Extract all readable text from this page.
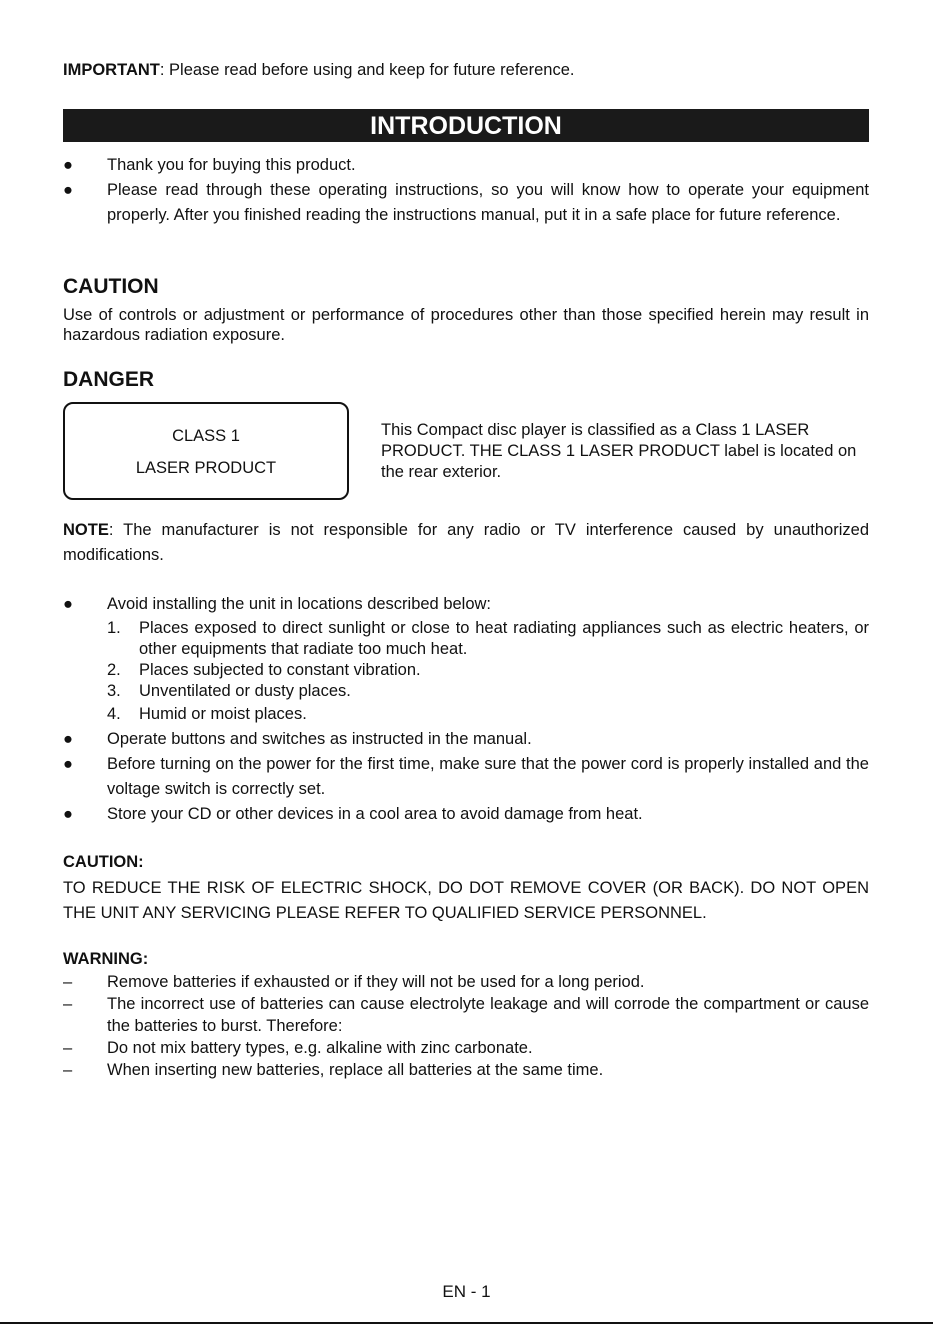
IMPORTANT: Please read before using and keep for future reference.
INTRODUCTION
●	Thank you for buying this product.
●	Please read through these operating instructions, so you will know how to operate your equipment properly. After you finished reading the instructions manual, put it in a safe place for future reference.
CAUTION
Use of controls or adjustment or performance of procedures other than those specified herein may result in hazardous radiation exposure.
DANGER
CLASS 1
LASER PRODUCT
This Compact disc player is classified as a Class 1 LASER PRODUCT. THE CLASS 1 LASER PRODUCT label is located on the rear exterior.
NOTE: The manufacturer is not responsible for any radio or TV interference caused by unauthorized modifications.
●	Avoid installing the unit in locations described below:
1. Places exposed to direct sunlight or close to heat radiating appliances such as electric heaters, or other equipments that radiate too much heat.
2. Places subjected to constant vibration.
3. Unventilated or dusty places.
4. Humid or moist places.
●	Operate buttons and switches as instructed in the manual.
●	Before turning on the power for the first time, make sure that the power cord is properly installed and the voltage switch is correctly set.
●	Store your CD or other devices in a cool area to avoid damage from heat.
CAUTION:
TO REDUCE THE RISK OF ELECTRIC SHOCK, DO DOT REMOVE COVER (OR BACK). DO NOT OPEN THE UNIT ANY SERVICING PLEASE REFER TO QUALIFIED SERVICE PERSONNEL.
WARNING:
–	Remove batteries if exhausted or if they will not be used for a long period.
–	The incorrect use of batteries can cause electrolyte leakage and will corrode the compartment or cause the batteries to burst. Therefore:
–	Do not mix battery types, e.g. alkaline with zinc carbonate.
–	When inserting new batteries, replace all batteries at the same time.
EN - 1
